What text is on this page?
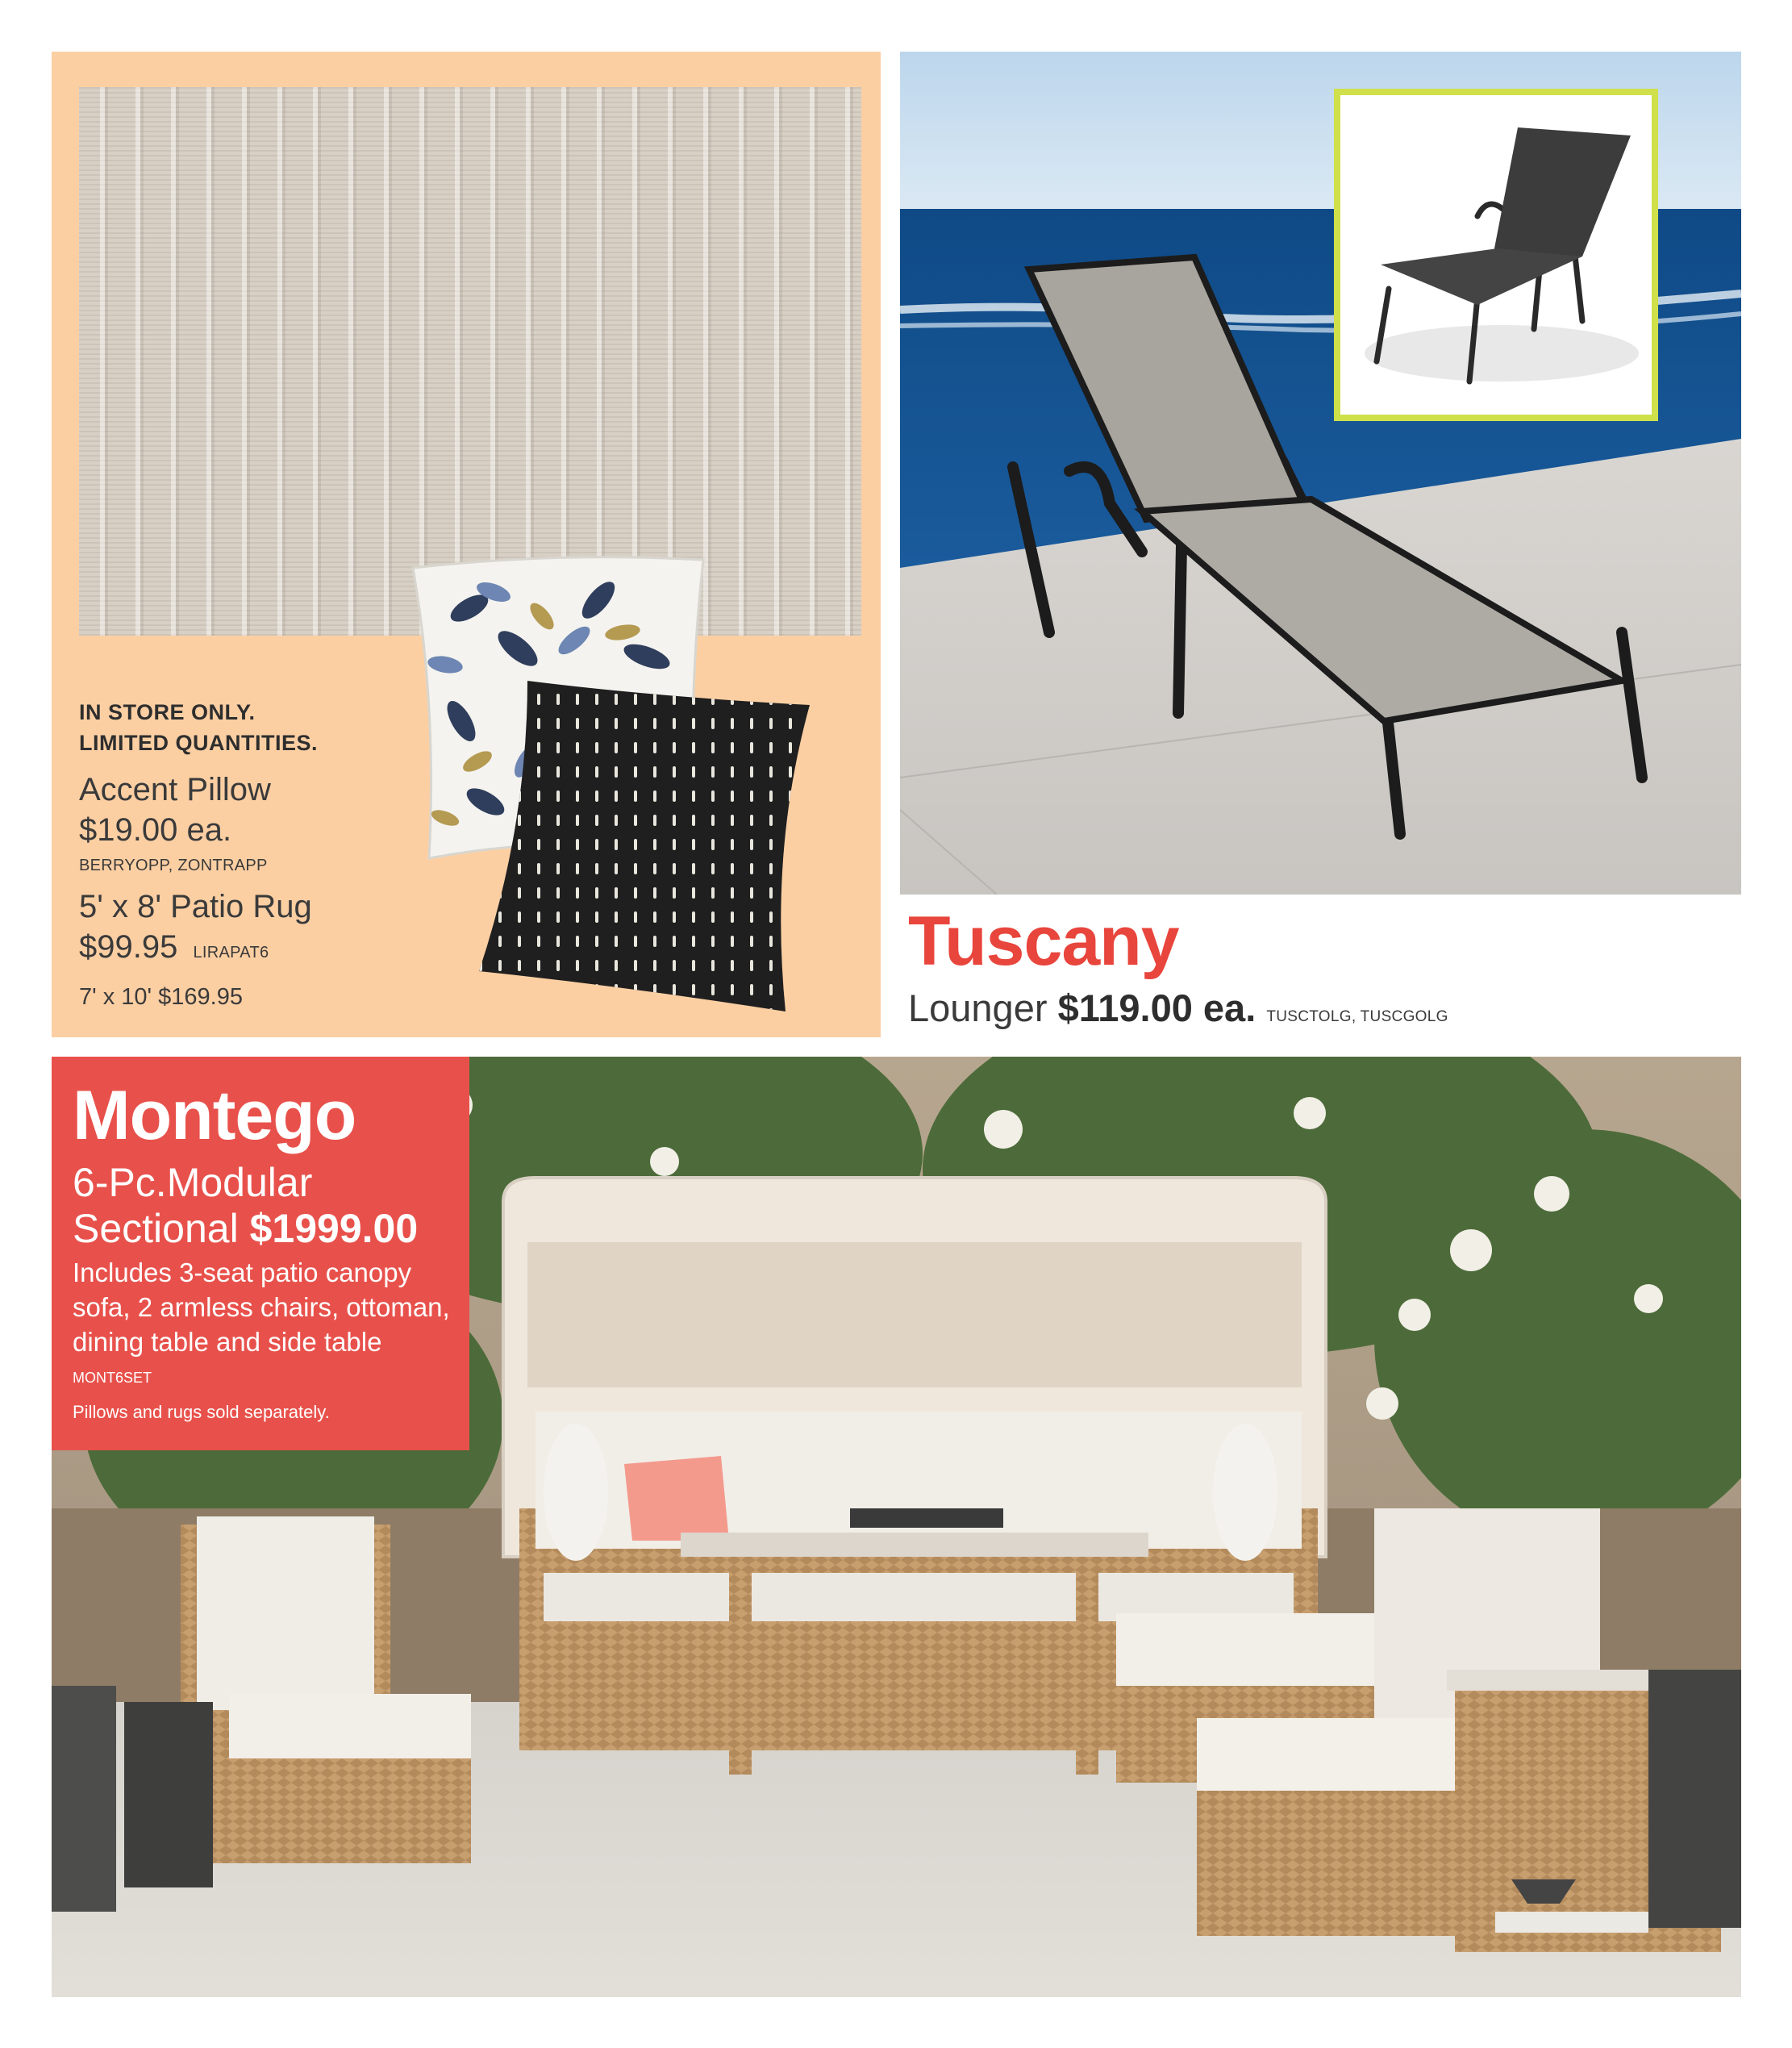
IN STORE ONLY.
LIMITED QUANTITIES.
Accent Pillow
$19.00 ea.
BERRYOPP, ZONTRAPP
5' x 8' Patio Rug
$99.95 LIRAPAT6
7' x 10' $169.95
Tuscany
Lounger $119.00 ea. TUSCTOLG, TUSCGOLG
Montego
6-Pc.Modular
Sectional $1999.00
Includes 3-seat patio canopy sofa, 2 armless chairs, ottoman, dining table and side table
MONT6SET
Pillows and rugs sold separately.
